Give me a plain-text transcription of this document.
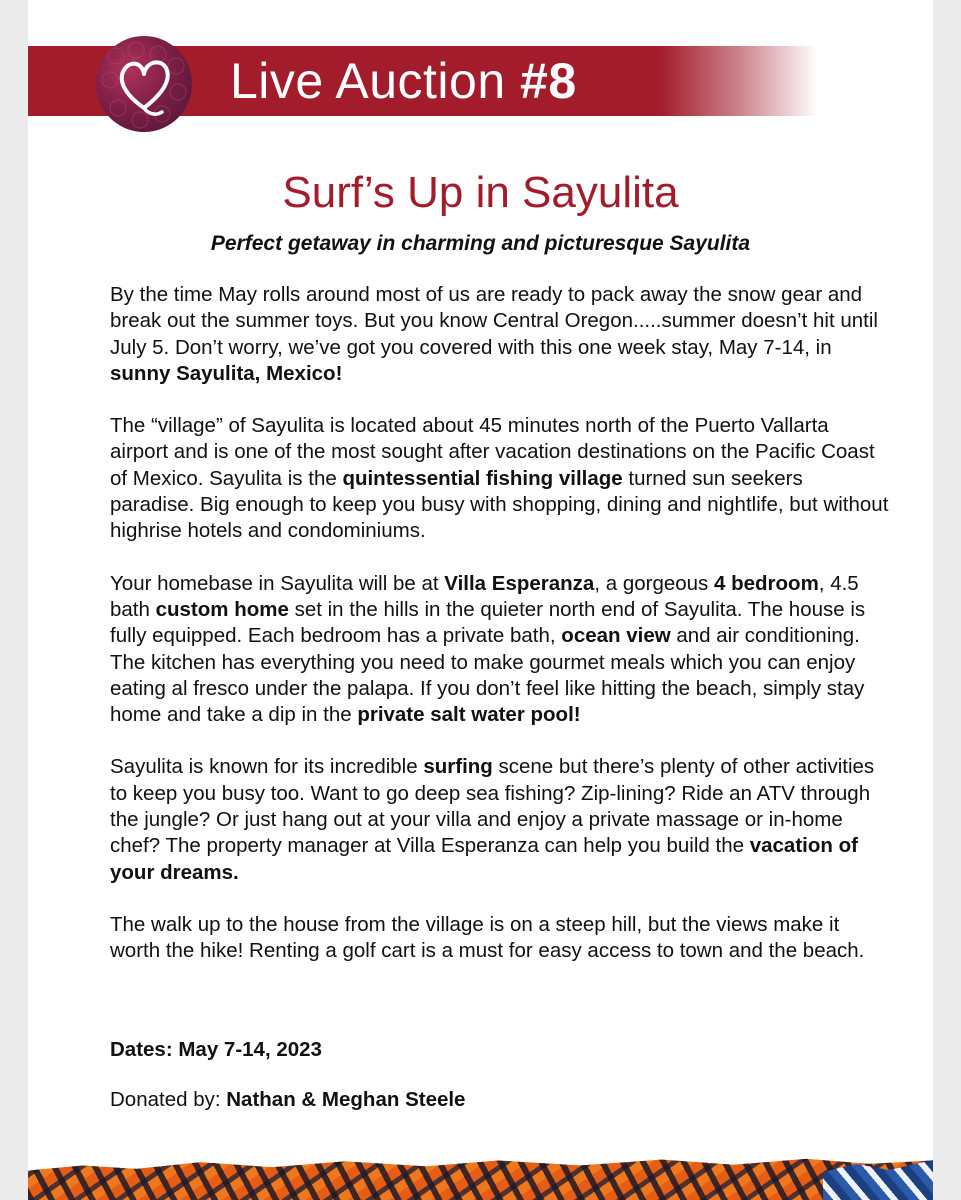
Live Auction #8
Surf’s Up in Sayulita
Perfect getaway in charming and picturesque Sayulita

By the time May rolls around most of us are ready to pack away the snow gear and break out the summer toys. But you know Central Oregon.....summer doesn’t hit until July 5. Don’t worry, we’ve got you covered with this one week stay, May 7-14, in sunny Sayulita, Mexico!

The “village” of Sayulita is located about 45 minutes north of the Puerto Vallarta airport and is one of the most sought after vacation destinations on the Pacific Coast of Mexico. Sayulita is the quintessential fishing village turned sun seekers paradise. Big enough to keep you busy with shopping, dining and nightlife, but without highrise hotels and condominiums.

Your homebase in Sayulita will be at Villa Esperanza, a gorgeous 4 bedroom, 4.5 bath custom home set in the hills in the quieter north end of Sayulita. The house is fully equipped. Each bedroom has a private bath, ocean view and air conditioning. The kitchen has everything you need to make gourmet meals which you can enjoy eating al fresco under the palapa. If you don’t feel like hitting the beach, simply stay home and take a dip in the private salt water pool!

Sayulita is known for its incredible surfing scene but there’s plenty of other activities to keep you busy too. Want to go deep sea fishing? Zip-lining? Ride an ATV through the jungle? Or just hang out at your villa and enjoy a private massage or in-home chef? The property manager at Villa Esperanza can help you build the vacation of your dreams.

The walk up to the house from the village is on a steep hill, but the views make it worth the hike! Renting a golf cart is a must for easy access to town and the beach.

Dates: May 7-14, 2023
Donated by: Nathan & Meghan Steele
